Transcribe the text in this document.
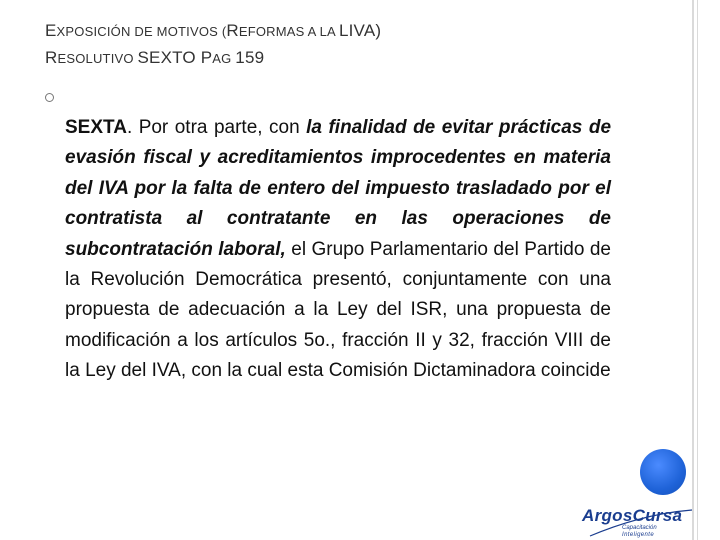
EXPOSICIÓN DE MOTIVOS (REFORMAS A LA LIVA)
RESOLUTIVO SEXTO PAG 159
SEXTA. Por otra parte, con la finalidad de evitar prácticas de evasión fiscal y acreditamientos improcedentes en materia del IVA por la falta de entero del impuesto trasladado por el contratista al contratante en las operaciones de subcontratación laboral, el Grupo Parlamentario del Partido de la Revolución Democrática presentó, conjuntamente con una propuesta de adecuación a la Ley del ISR, una propuesta de modificación a los artículos 5o., fracción II y 32, fracción VIII de la Ley del IVA, con la cual esta Comisión Dictaminadora coincide
ArgosCursa
Capacitación
Inteligente
